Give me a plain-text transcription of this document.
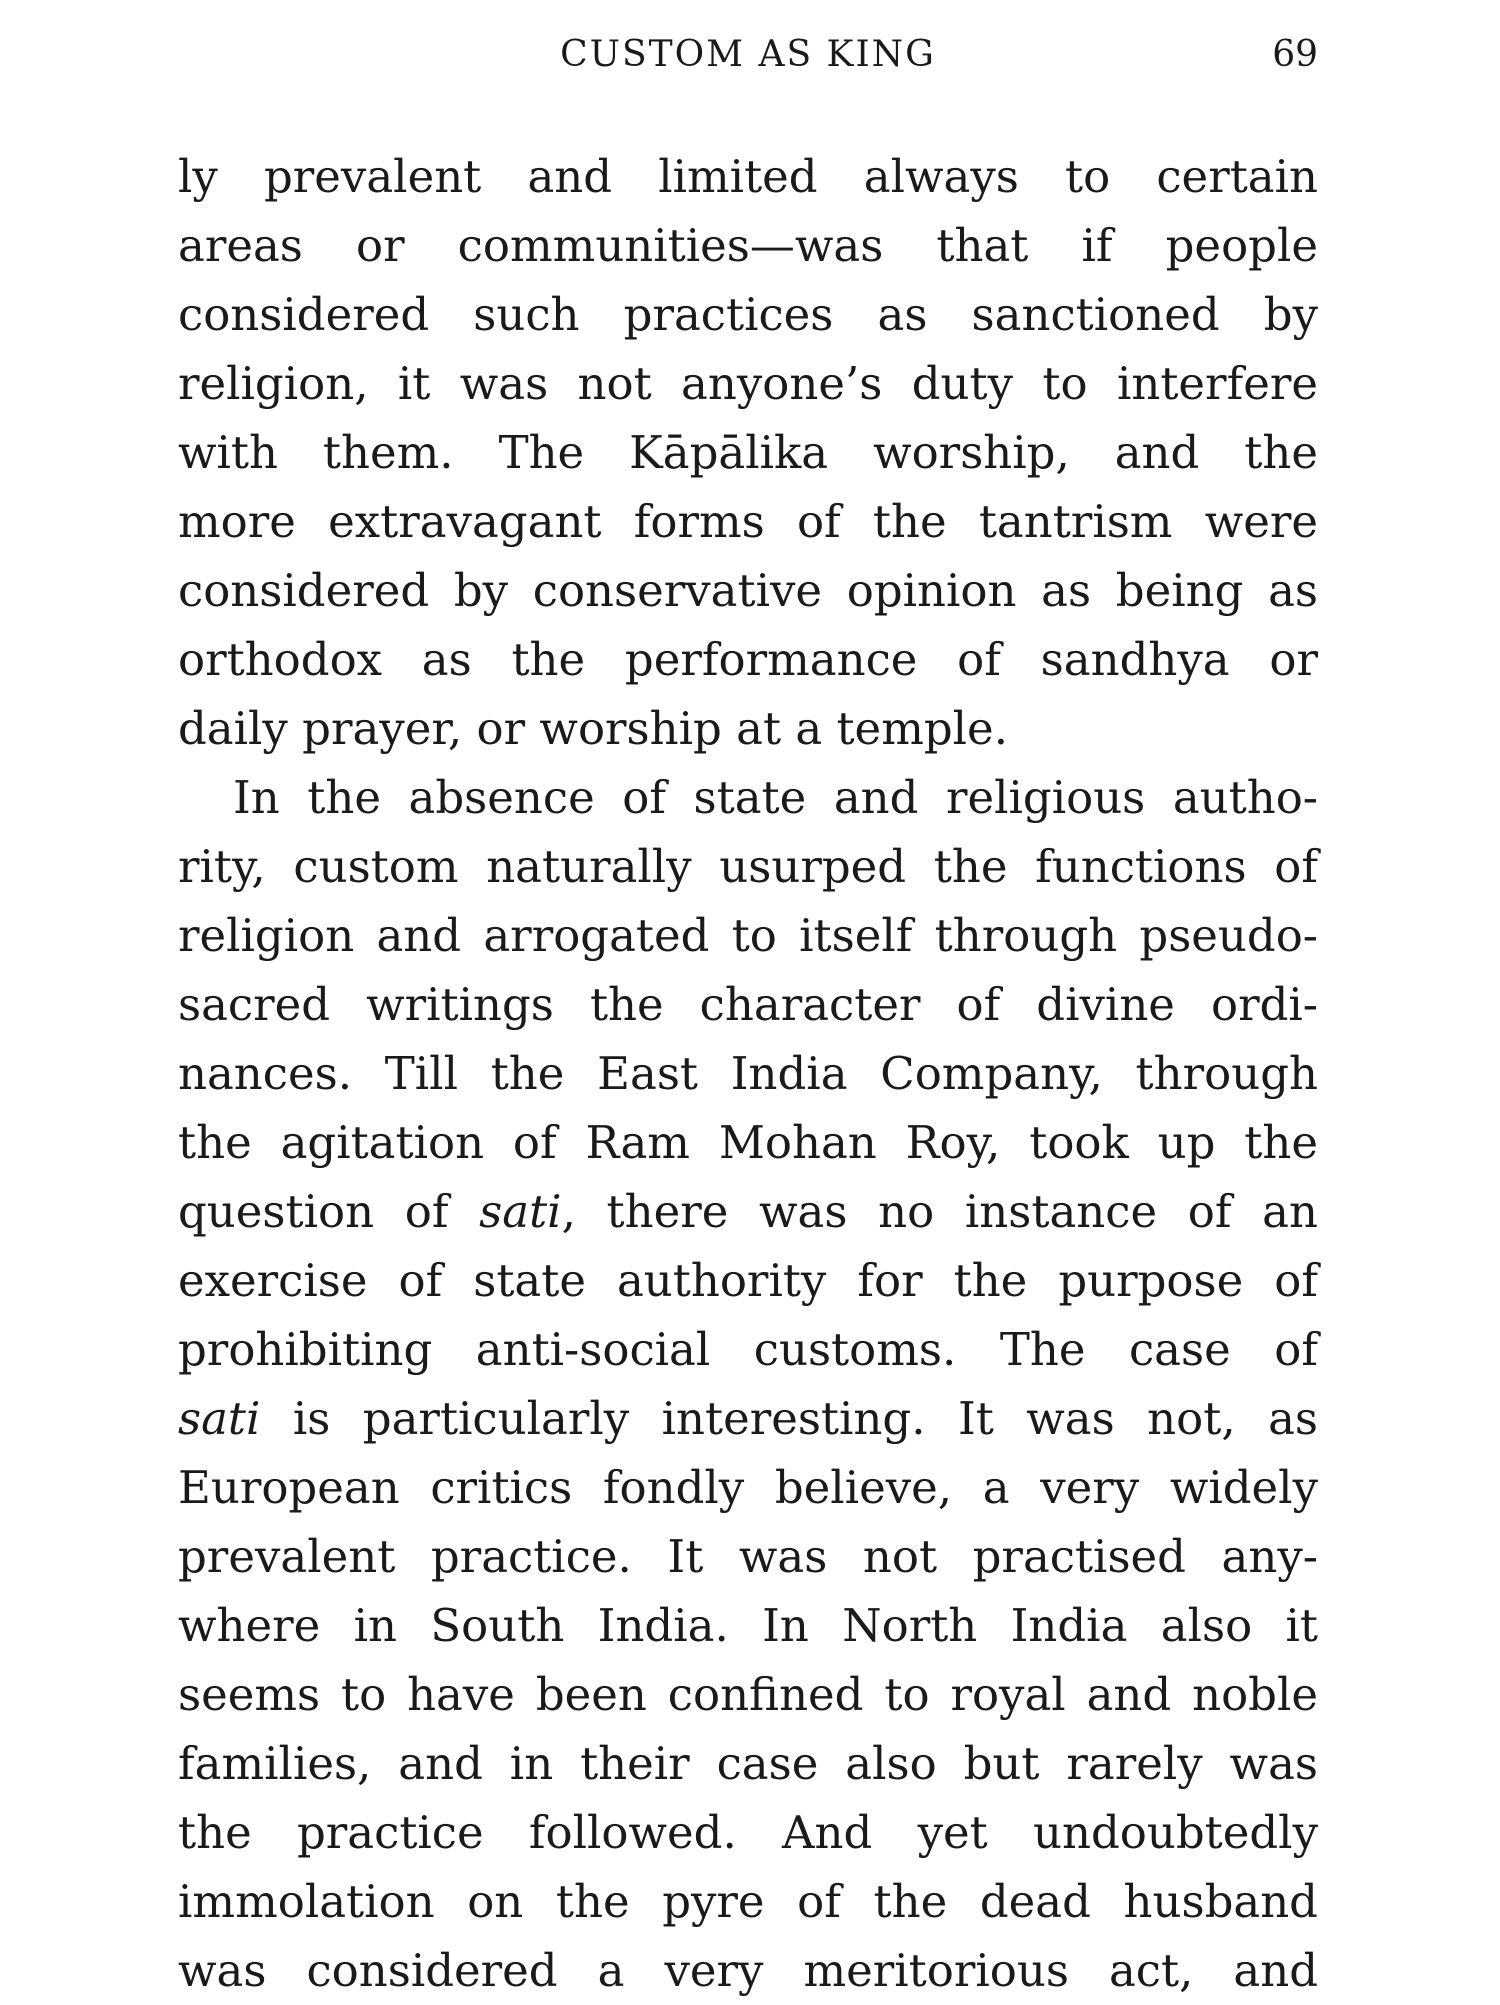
CUSTOM AS KING	69
ly prevalent and limited always to certain
areas or communities—was that if people
considered such practices as sanctioned by
religion, it was not anyone’s duty to interfere
with them. The Kāpālika worship, and the
more extravagant forms of the tantrism were
considered by conservative opinion as being as
orthodox as the performance of sandhya or
daily prayer, or worship at a temple.
In the absence of state and religious autho-
rity, custom naturally usurped the functions of
religion and arrogated to itself through pseudo-
sacred writings the character of divine ordi-
nances. Till the East India Company, through
the agitation of Ram Mohan Roy, took up the
question of sati, there was no instance of an
exercise of state authority for the purpose of
prohibiting anti-social customs. The case of
sati is particularly interesting. It was not, as
European critics fondly believe, a very widely
prevalent practice. It was not practised any-
where in South India. In North India also it
seems to have been confined to royal and noble
families, and in their case also but rarely was
the practice followed. And yet undoubtedly
immolation on the pyre of the dead husband
was considered a very meritorious act, and
